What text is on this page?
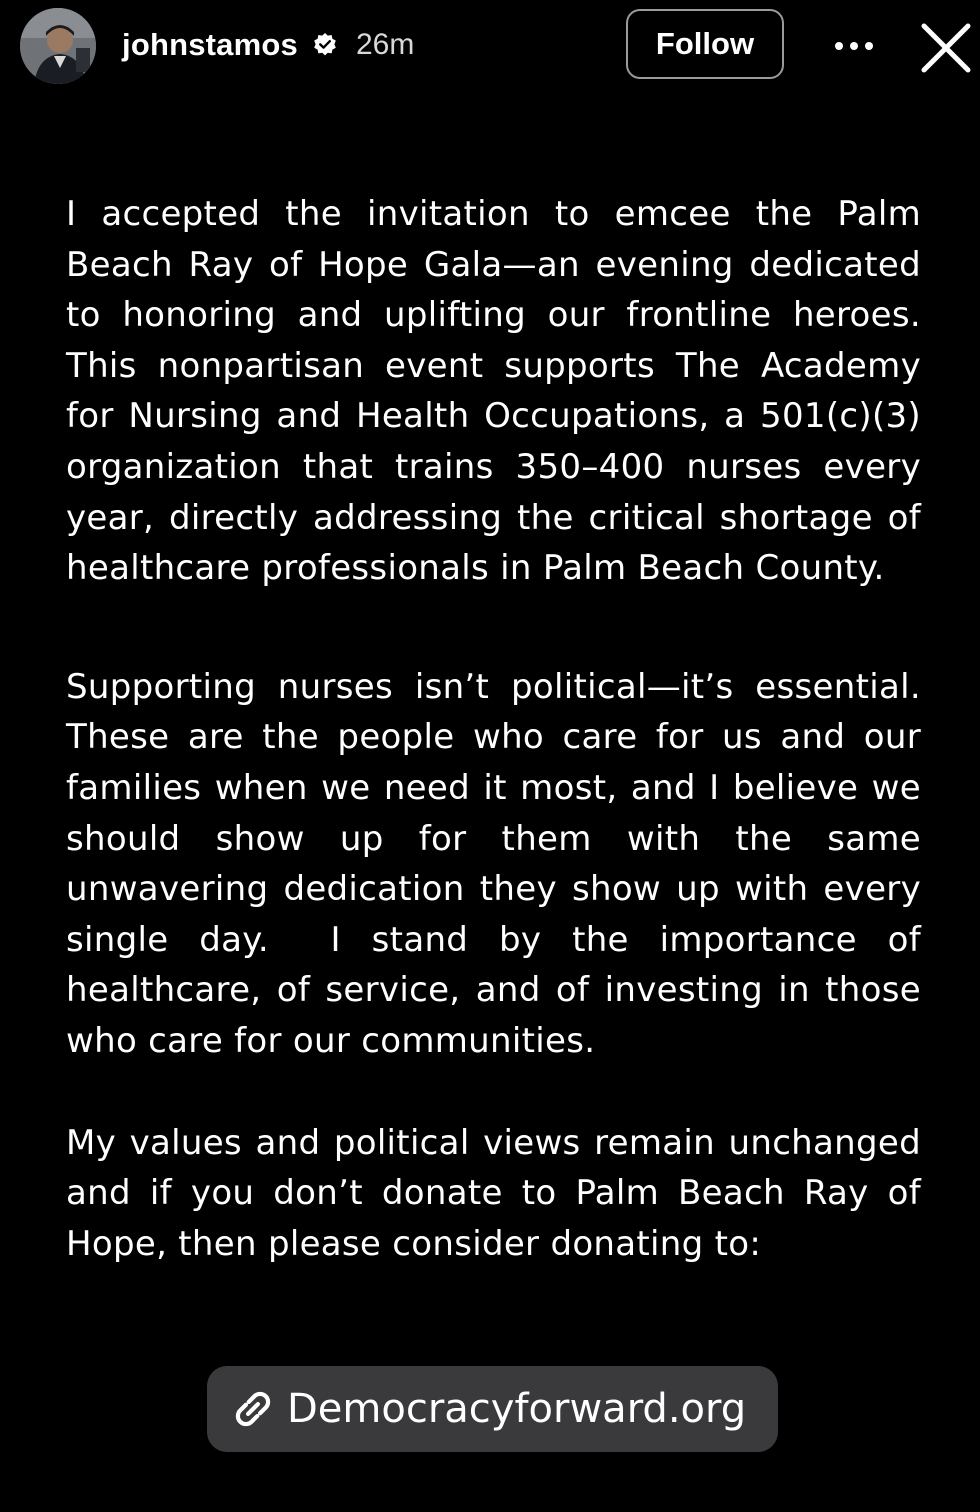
johnstamos 26m	Follow

I accepted the invitation to emcee the Palm Beach Ray of Hope Gala—an evening dedicated to honoring and uplifting our frontline heroes. This nonpartisan event supports The Academy for Nursing and Health Occupations, a 501(c)(3) organization that trains 350–400 nurses every year, directly addressing the critical shortage of healthcare professionals in Palm Beach County.

Supporting nurses isn’t political—it’s essential. These are the people who care for us and our families when we need it most, and I believe we should show up for them with the same unwavering dedication they show up with every single day.  I stand by the importance of healthcare, of service, and of investing in those who care for our communities.

My values and political views remain unchanged and if you don’t donate to Palm Beach Ray of Hope, then please consider donating to:

Democracyforward.org
